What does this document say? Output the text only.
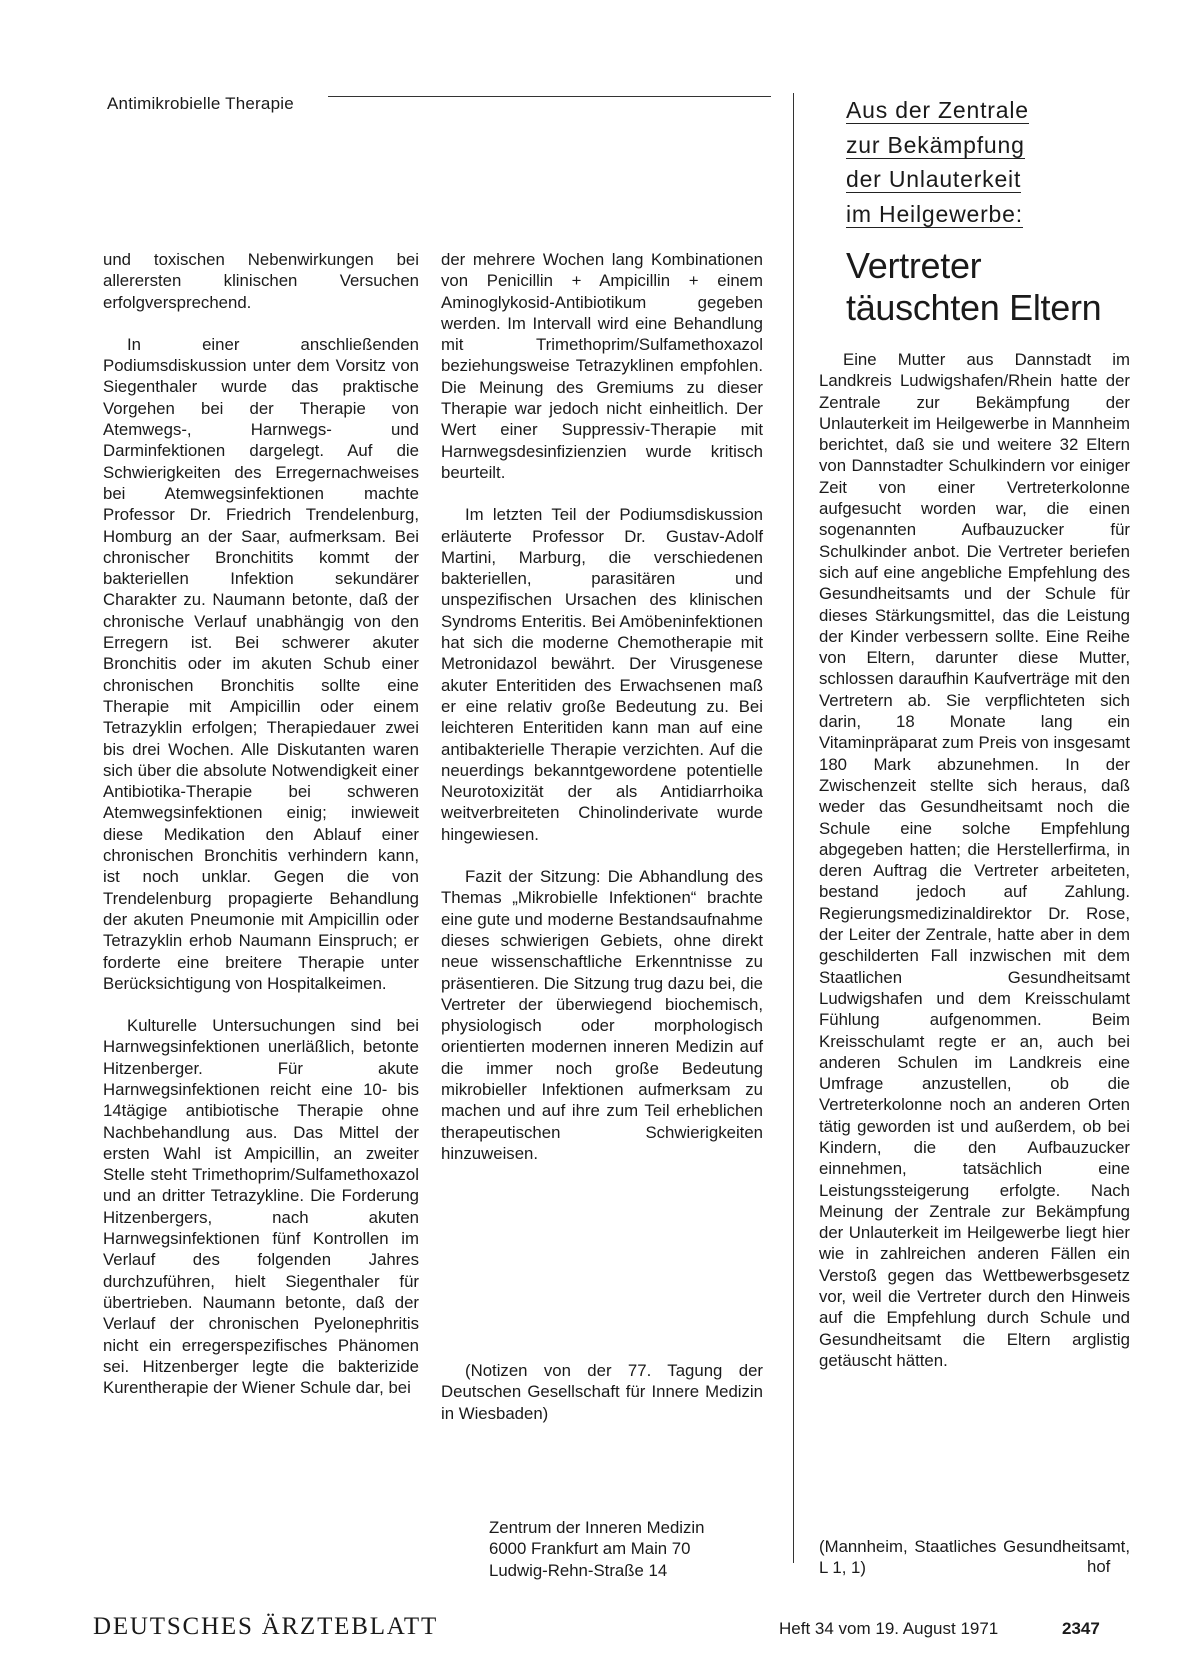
Antimikrobielle Therapie

und toxischen Nebenwirkungen bei allerersten klinischen Versuchen erfolgversprechend.

In einer anschließenden Podiumsdiskussion unter dem Vorsitz von Siegenthaler wurde das praktische Vorgehen bei der Therapie von Atemwegs-, Harnwegs- und Darminfektionen dargelegt. Auf die Schwierigkeiten des Erregernachweises bei Atemwegsinfektionen machte Professor Dr. Friedrich Trendelenburg, Homburg an der Saar, aufmerksam. Bei chronischer Bronchitits kommt der bakteriellen Infektion sekundärer Charakter zu. Naumann betonte, daß der chronische Verlauf unabhängig von den Erregern ist. Bei schwerer akuter Bronchitis oder im akuten Schub einer chronischen Bronchitis sollte eine Therapie mit Ampicillin oder einem Tetrazyklin erfolgen; Therapiedauer zwei bis drei Wochen. Alle Diskutanten waren sich über die absolute Notwendigkeit einer Antibiotika-Therapie bei schweren Atemwegsinfektionen einig; inwieweit diese Medikation den Ablauf einer chronischen Bronchitis verhindern kann, ist noch unklar. Gegen die von Trendelenburg propagierte Behandlung der akuten Pneumonie mit Ampicillin oder Tetrazyklin erhob Naumann Einspruch; er forderte eine breitere Therapie unter Berücksichtigung von Hospitalkeimen.

Kulturelle Untersuchungen sind bei Harnwegsinfektionen unerläßlich, betonte Hitzenberger. Für akute Harnwegsinfektionen reicht eine 10- bis 14tägige antibiotische Therapie ohne Nachbehandlung aus. Das Mittel der ersten Wahl ist Ampicillin, an zweiter Stelle steht Trimethoprim/Sulfamethoxazol und an dritter Tetrazykline. Die Forderung Hitzenbergers, nach akuten Harnwegsinfektionen fünf Kontrollen im Verlauf des folgenden Jahres durchzuführen, hielt Siegenthaler für übertrieben. Naumann betonte, daß der Verlauf der chronischen Pyelonephritis nicht ein erregerspezifisches Phänomen sei. Hitzenberger legte die bakterizide Kurentherapie der Wiener Schule dar, bei

der mehrere Wochen lang Kombinationen von Penicillin + Ampicillin + einem Aminoglykosid-Antibiotikum gegeben werden. Im Intervall wird eine Behandlung mit Trimethoprim/Sulfamethoxazol beziehungsweise Tetrazyklinen empfohlen. Die Meinung des Gremiums zu dieser Therapie war jedoch nicht einheitlich. Der Wert einer Suppressiv-Therapie mit Harnwegsdesinfizienzien wurde kritisch beurteilt.

Im letzten Teil der Podiumsdiskussion erläuterte Professor Dr. Gustav-Adolf Martini, Marburg, die verschiedenen bakteriellen, parasitären und unspezifischen Ursachen des klinischen Syndroms Enteritis. Bei Amöbeninfektionen hat sich die moderne Chemotherapie mit Metronidazol bewährt. Der Virusgenese akuter Enteritiden des Erwachsenen maß er eine relativ große Bedeutung zu. Bei leichteren Enteritiden kann man auf eine antibakterielle Therapie verzichten. Auf die neuerdings bekanntgewordene potentielle Neurotoxizität der als Antidiarrhoika weitverbreiteten Chinolinderivate wurde hingewiesen.

Fazit der Sitzung: Die Abhandlung des Themas „Mikrobielle Infektionen“ brachte eine gute und moderne Bestandsaufnahme dieses schwierigen Gebiets, ohne direkt neue wissenschaftliche Erkenntnisse zu präsentieren. Die Sitzung trug dazu bei, die Vertreter der überwiegend biochemisch, physiologisch oder morphologisch orientierten modernen inneren Medizin auf die immer noch große Bedeutung mikrobieller Infektionen aufmerksam zu machen und auf ihre zum Teil erheblichen therapeutischen Schwierigkeiten hinzuweisen.

(Notizen von der 77. Tagung der Deutschen Gesellschaft für Innere Medizin in Wiesbaden)

Zentrum der Inneren Medizin
6000 Frankfurt am Main 70
Ludwig-Rehn-Straße 14
Aus der Zentrale
zur Bekämpfung
der Unlauterkeit
im Heilgewerbe:
Vertreter
täuschten Eltern

Eine Mutter aus Dannstadt im Landkreis Ludwigshafen/Rhein hatte der Zentrale zur Bekämpfung der Unlauterkeit im Heilgewerbe in Mannheim berichtet, daß sie und weitere 32 Eltern von Dannstadter Schulkindern vor einiger Zeit von einer Vertreterkolonne aufgesucht worden war, die einen sogenannten Aufbauzucker für Schulkinder anbot. Die Vertreter beriefen sich auf eine angebliche Empfehlung des Gesundheitsamts und der Schule für dieses Stärkungsmittel, das die Leistung der Kinder verbessern sollte. Eine Reihe von Eltern, darunter diese Mutter, schlossen daraufhin Kaufverträge mit den Vertretern ab. Sie verpflichteten sich darin, 18 Monate lang ein Vitaminpräparat zum Preis von insgesamt 180 Mark abzunehmen. In der Zwischenzeit stellte sich heraus, daß weder das Gesundheitsamt noch die Schule eine solche Empfehlung abgegeben hatten; die Herstellerfirma, in deren Auftrag die Vertreter arbeiteten, bestand jedoch auf Zahlung. Regierungsmedizinaldirektor Dr. Rose, der Leiter der Zentrale, hatte aber in dem geschilderten Fall inzwischen mit dem Staatlichen Gesundheitsamt Ludwigshafen und dem Kreisschulamt Fühlung aufgenommen. Beim Kreisschulamt regte er an, auch bei anderen Schulen im Landkreis eine Umfrage anzustellen, ob die Vertreterkolonne noch an anderen Orten tätig geworden ist und außerdem, ob bei Kindern, die den Aufbauzucker einnehmen, tatsächlich eine Leistungssteigerung erfolgte. Nach Meinung der Zentrale zur Bekämpfung der Unlauterkeit im Heilgewerbe liegt hier wie in zahlreichen anderen Fällen ein Verstoß gegen das Wettbewerbsgesetz vor, weil die Vertreter durch den Hinweis auf die Empfehlung durch Schule und Gesundheitsamt die Eltern arglistig getäuscht hätten.

(Mannheim, Staatliches Gesundheitsamt, L 1, 1)	hof
DEUTSCHES ÄRZTEBLATT	Heft 34 vom 19. August 1971	2347
